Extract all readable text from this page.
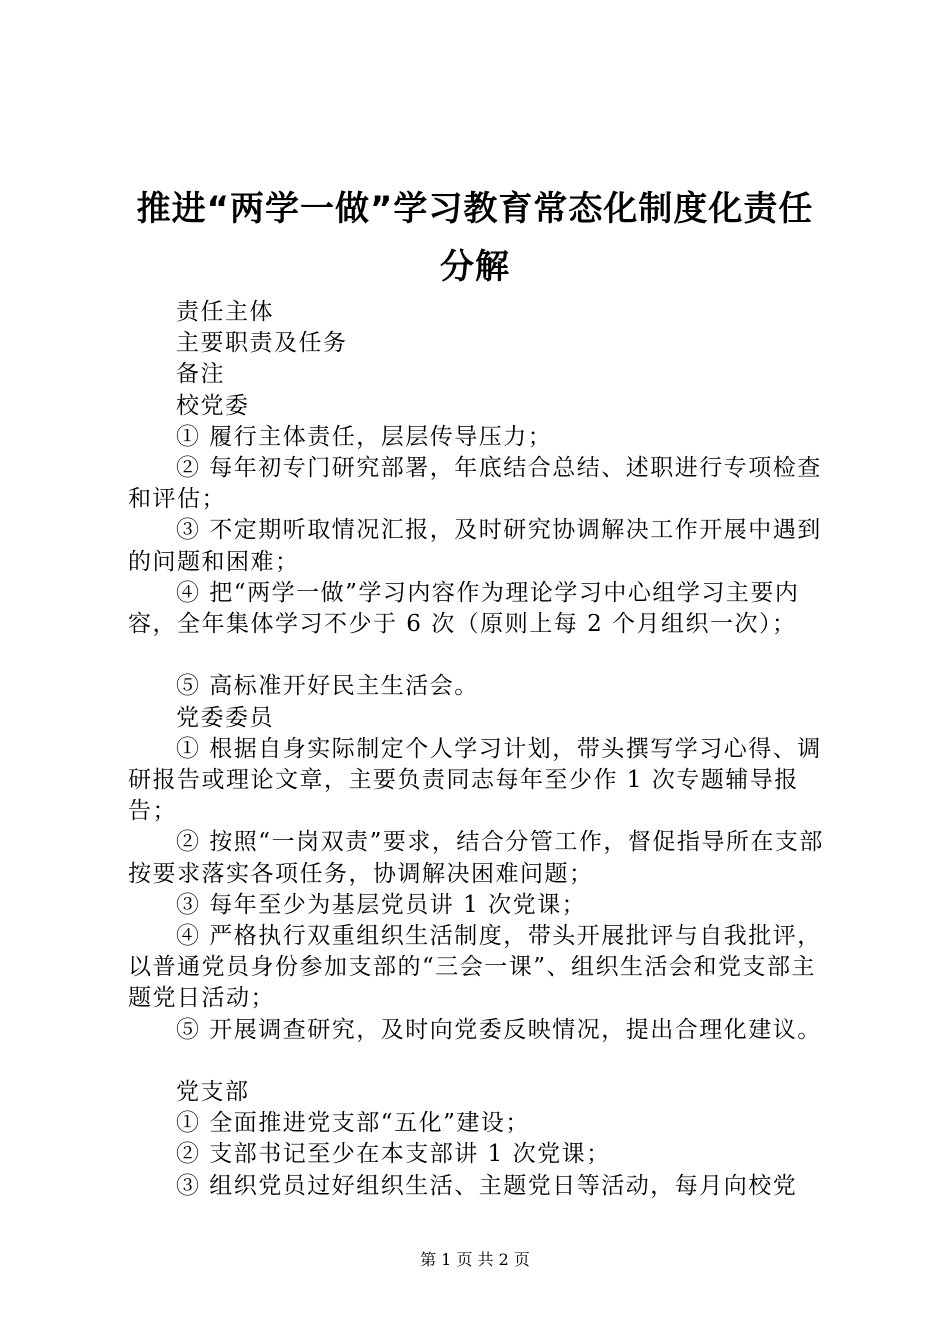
推进“两学一做”学习教育常态化制度化责任
分解

责任主体

主要职责及任务

备注

校党委

① 履行主体责任，层层传导压力；

② 每年初专门研究部署，年底结合总结、述职进行专项检查和评估；

③ 不定期听取情况汇报，及时研究协调解决工作开展中遇到的问题和困难；

④ 把“两学一做”学习内容作为理论学习中心组学习主要内容，全年集体学习不少于 6 次（原则上每 2 个月组织一次）；

⑤ 高标准开好民主生活会。

党委委员

① 根据自身实际制定个人学习计划，带头撰写学习心得、调研报告或理论文章，主要负责同志每年至少作 1 次专题辅导报告；

② 按照“一岗双责”要求，结合分管工作，督促指导所在支部按要求落实各项任务，协调解决困难问题；

③ 每年至少为基层党员讲 1 次党课；

④ 严格执行双重组织生活制度，带头开展批评与自我批评，以普通党员身份参加支部的“三会一课”、组织生活会和党支部主题党日活动；

⑤ 开展调查研究，及时向党委反映情况，提出合理化建议。

党支部

① 全面推进党支部“五化”建设；

② 支部书记至少在本支部讲 1 次党课；

③ 组织党员过好组织生活、主题党日等活动，每月向校党

第 1 页 共 2 页
